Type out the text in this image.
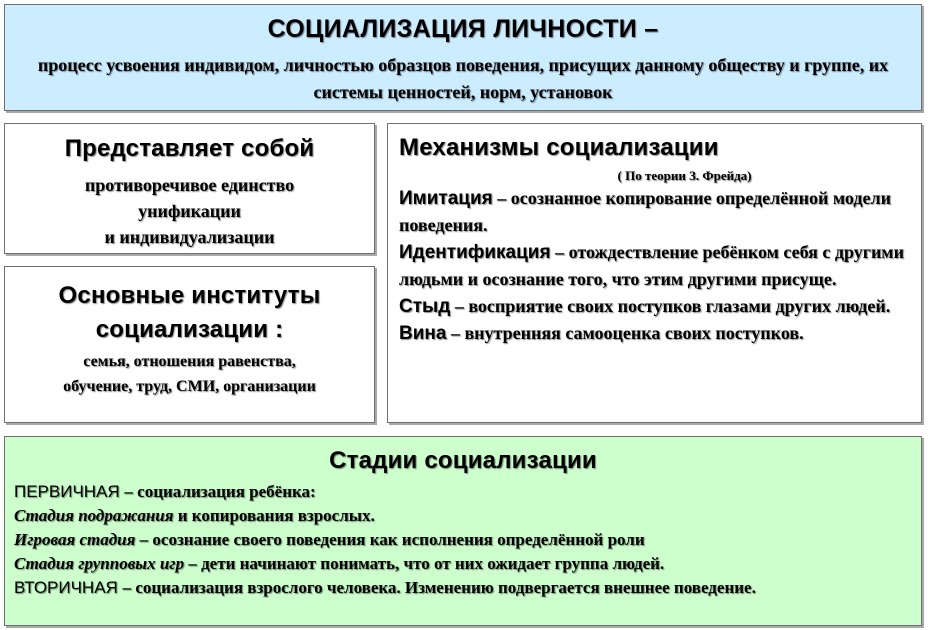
СОЦИАЛИЗАЦИЯ ЛИЧНОСТИ –
процесс усвоения индивидом, личностью образцов поведения, присущих данному обществу и группе, их системы ценностей, норм, установок
Представляет собой
противоречивое единство
унификации
и индивидуализации
Основные институты
социализации :
семья, отношения равенства,
обучение, труд, СМИ, организации
Механизмы социализации
( По теории З. Фрейда)

Имитация – осознанное копирование определённой модели поведения.

Идентификация – отождествление ребёнком себя с другими людьми и осознание того, что этим другими присуще.

Стыд – восприятие своих поступков глазами других людей.

Вина – внутренняя самооценка своих поступков.

Стадии социализации

ПЕРВИЧНАЯ – социализация ребёнка:

Стадия подражания и копирования взрослых.

Игровая стадия – осознание своего поведения как исполнения определённой роли

Стадия групповых игр – дети начинают понимать, что от них ожидает группа людей.

ВТОРИЧНАЯ – социализация взрослого человека. Изменению подвергается внешнее поведение.
